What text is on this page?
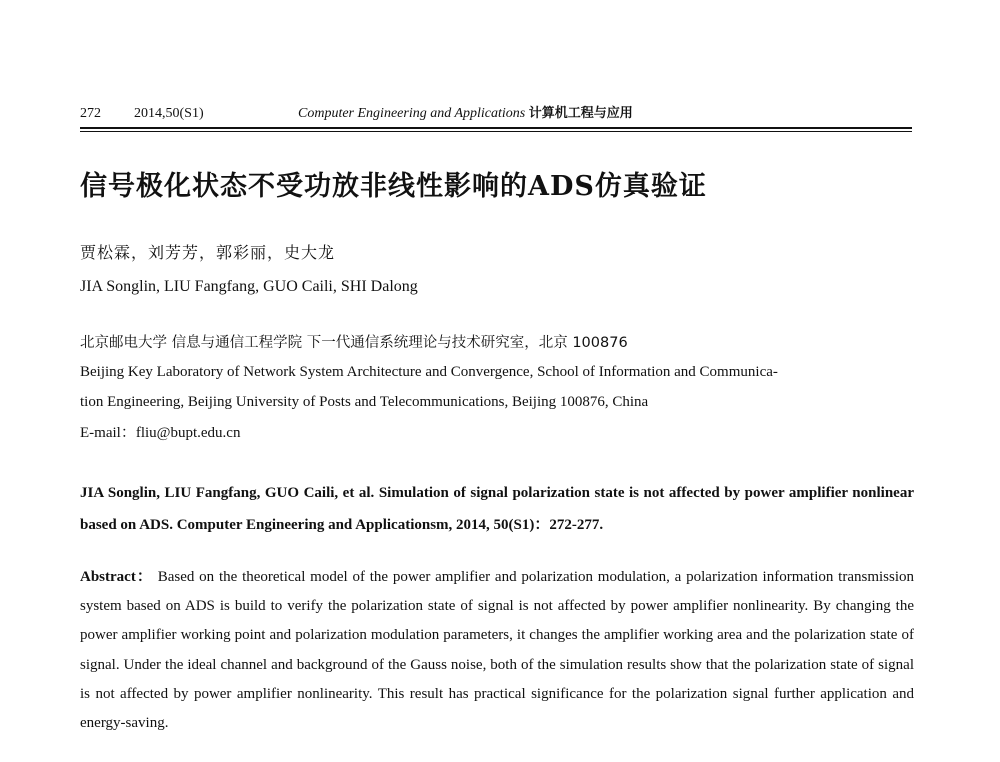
272 2014,50(S1)	Computer Engineering and Applications 计算机工程与应用
信号极化状态不受功放非线性影响的ADS仿真验证
贾松霖，刘芳芳，郭彩丽，史大龙
JIA Songlin, LIU Fangfang, GUO Caili, SHI Dalong
北京邮电大学 信息与通信工程学院 下一代通信系统理论与技术研究室，北京 100876
Beijing Key Laboratory of Network System Architecture and Convergence, School of Information and Communica-
tion Engineering, Beijing University of Posts and Telecommunications, Beijing 100876, China
E-mail：fliu@bupt.edu.cn
JIA Songlin, LIU Fangfang, GUO Caili, et al. Simulation of signal polarization state is not affected by power amplifier nonlinear based on ADS. Computer Engineering and Applicationsm, 2014, 50(S1)：272-277.
Abstract： Based on the theoretical model of the power amplifier and polarization modulation, a polarization information transmission system based on ADS is build to verify the polarization state of signal is not affected by power amplifier nonlinearity. By changing the power amplifier working point and polarization modulation parameters, it changes the amplifier working area and the polarization state of signal. Under the ideal channel and background of the Gauss noise, both of the simulation results show that the polarization state of signal is not affected by power amplifier nonlinearity. This result has practical significance for the polarization signal further application and energy-saving.
